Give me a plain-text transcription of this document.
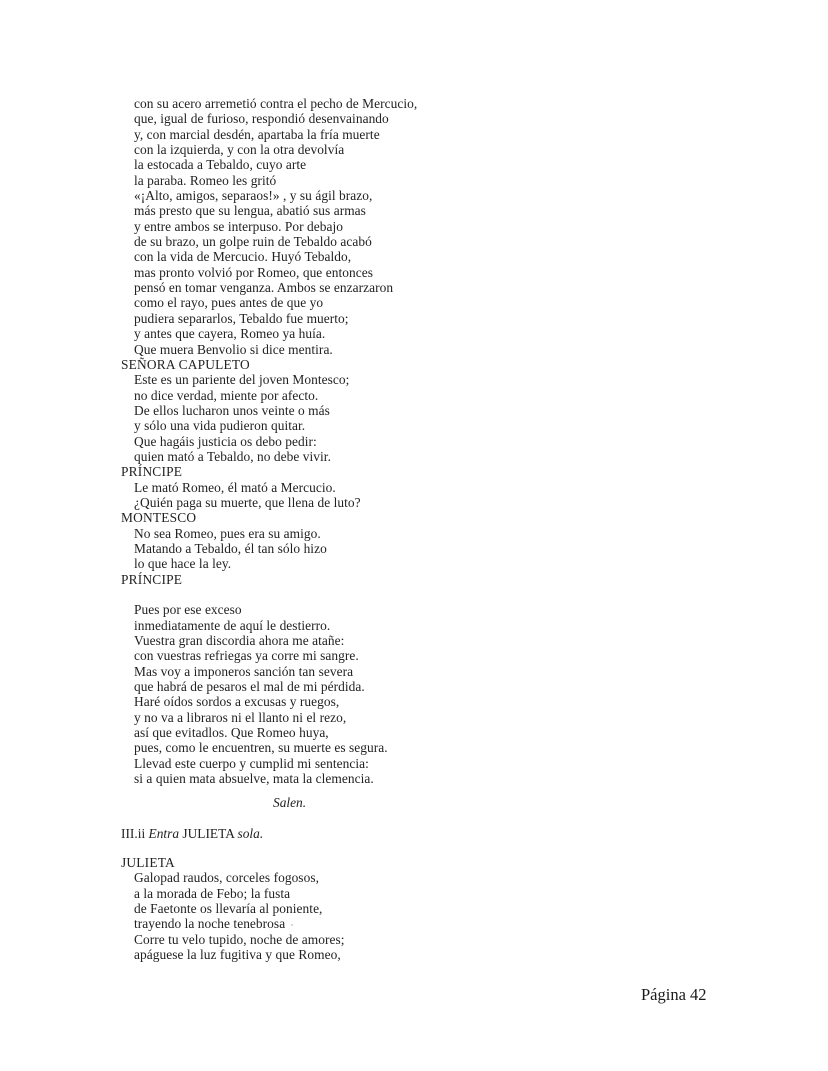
con su acero arremetió contra el pecho de Mercucio,
que, igual de furioso, respondió desenvainando
y, con marcial desdén, apartaba la fría muerte
con la izquierda, y con la otra devolvía
la estocada a Tebaldo, cuyo arte
la paraba. Romeo les gritó
«¡Alto, amigos, separaos!» , y su ágil brazo,
más presto que su lengua, abatió sus armas
y entre ambos se interpuso. Por debajo
de su brazo, un golpe ruin de Tebaldo acabó
con la vida de Mercucio. Huyó Tebaldo,
mas pronto volvió por Romeo, que entonces
pensó en tomar venganza. Ambos se enzarzaron
como el rayo, pues antes de que yo
pudiera separarlos, Tebaldo fue muerto;
y antes que cayera, Romeo ya huía.
Que muera Benvolio si dice mentira.
SEÑORA CAPULETO
Este es un pariente del joven Montesco;
no dice verdad, miente por afecto.
De ellos lucharon unos veinte o más
y sólo una vida pudieron quitar.
Que hagáis justicia os debo pedir:
quien mató a Tebaldo, no debe vivir.
PRÍNCIPE
Le mató Romeo, él mató a Mercucio.
¿Quién paga su muerte, que llena de luto?
MONTESCO
No sea Romeo, pues era su amigo.
Matando a Tebaldo, él tan sólo hizo
lo que hace la ley.
PRÍNCIPE
Pues por ese exceso
inmediatamente de aquí le destierro.
Vuestra gran discordia ahora me atañe:
con vuestras refriegas ya corre mi sangre.
Mas voy a imponeros sanción tan severa
que habrá de pesaros el mal de mi pérdida.
Haré oídos sordos a excusas y ruegos,
y no va a libraros ni el llanto ni el rezo,
así que evitadlos. Que Romeo huya,
pues, como le encuentren, su muerte es segura.
Llevad este cuerpo y cumplid mi sentencia:
si a quien mata absuelve, mata la clemencia.
Salen.
III.ii Entra JULIETA sola.
JULIETA
Galopad raudos, corceles fogosos,
a la morada de Febo; la fusta
de Faetonte os llevaría al poniente,
trayendo la noche tenebrosa
Corre tu velo tupido, noche de amores;
apáguese la luz fugitiva y que Romeo,
Página 42
